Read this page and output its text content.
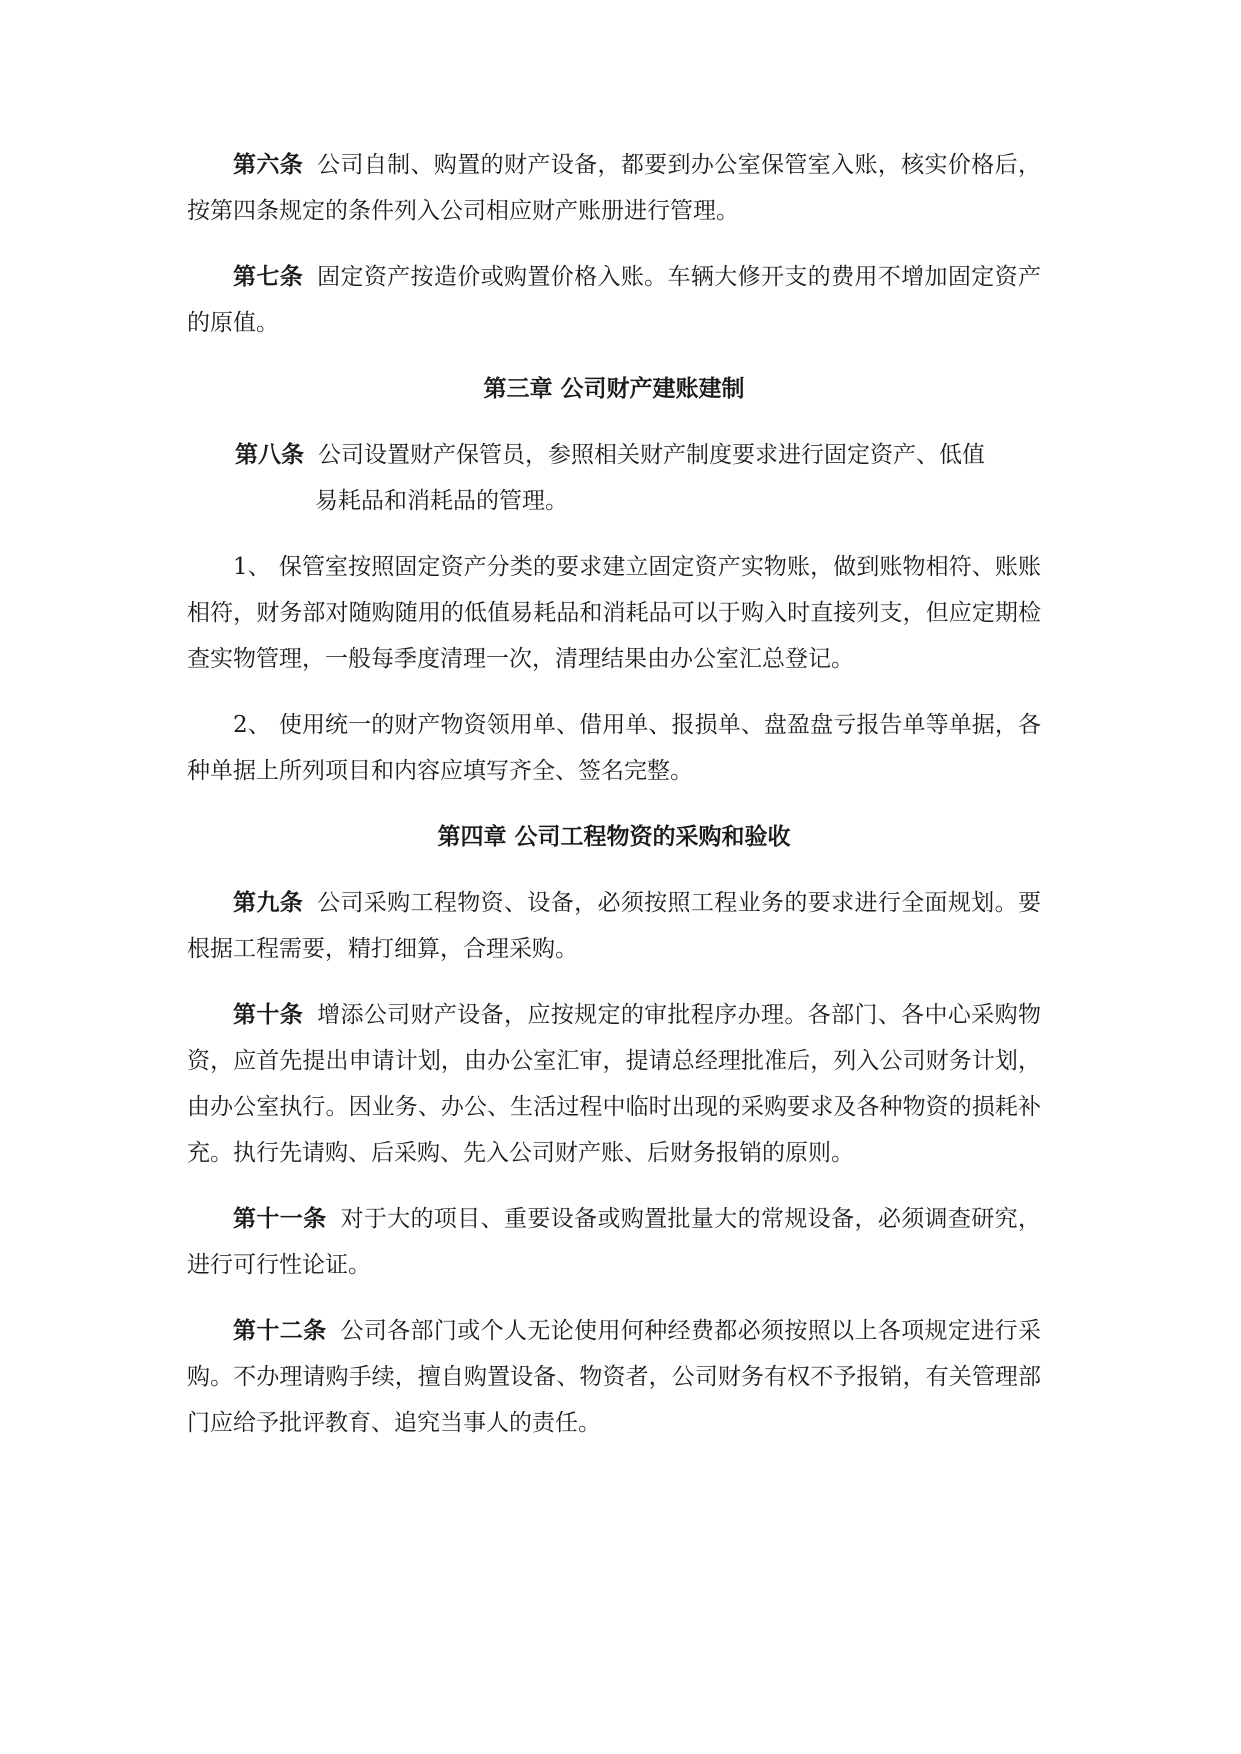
第六条 公司自制、购置的财产设备，都要到办公室保管室入账，核实价格后，按第四条规定的条件列入公司相应财产账册进行管理。

第七条 固定资产按造价或购置价格入账。车辆大修开支的费用不增加固定资产的原值。

第三章 公司财产建账建制

第八条 公司设置财产保管员，参照相关财产制度要求进行固定资产、低值
易耗品和消耗品的管理。

1、 保管室按照固定资产分类的要求建立固定资产实物账，做到账物相符、账账相符，财务部对随购随用的低值易耗品和消耗品可以于购入时直接列支，但应定期检查实物管理，一般每季度清理一次，清理结果由办公室汇总登记。

2、 使用统一的财产物资领用单、借用单、报损单、盘盈盘亏报告单等单据，各种单据上所列项目和内容应填写齐全、签名完整。

第四章 公司工程物资的采购和验收

第九条 公司采购工程物资、设备，必须按照工程业务的要求进行全面规划。要根据工程需要，精打细算，合理采购。

第十条 增添公司财产设备，应按规定的审批程序办理。各部门、各中心采购物资，应首先提出申请计划，由办公室汇审，提请总经理批准后，列入公司财务计划，由办公室执行。因业务、办公、生活过程中临时出现的采购要求及各种物资的损耗补充。执行先请购、后采购、先入公司财产账、后财务报销的原则。

第十一条 对于大的项目、重要设备或购置批量大的常规设备，必须调查研究，进行可行性论证。

第十二条 公司各部门或个人无论使用何种经费都必须按照以上各项规定进行采购。不办理请购手续，擅自购置设备、物资者，公司财务有权不予报销，有关管理部门应给予批评教育、追究当事人的责任。
